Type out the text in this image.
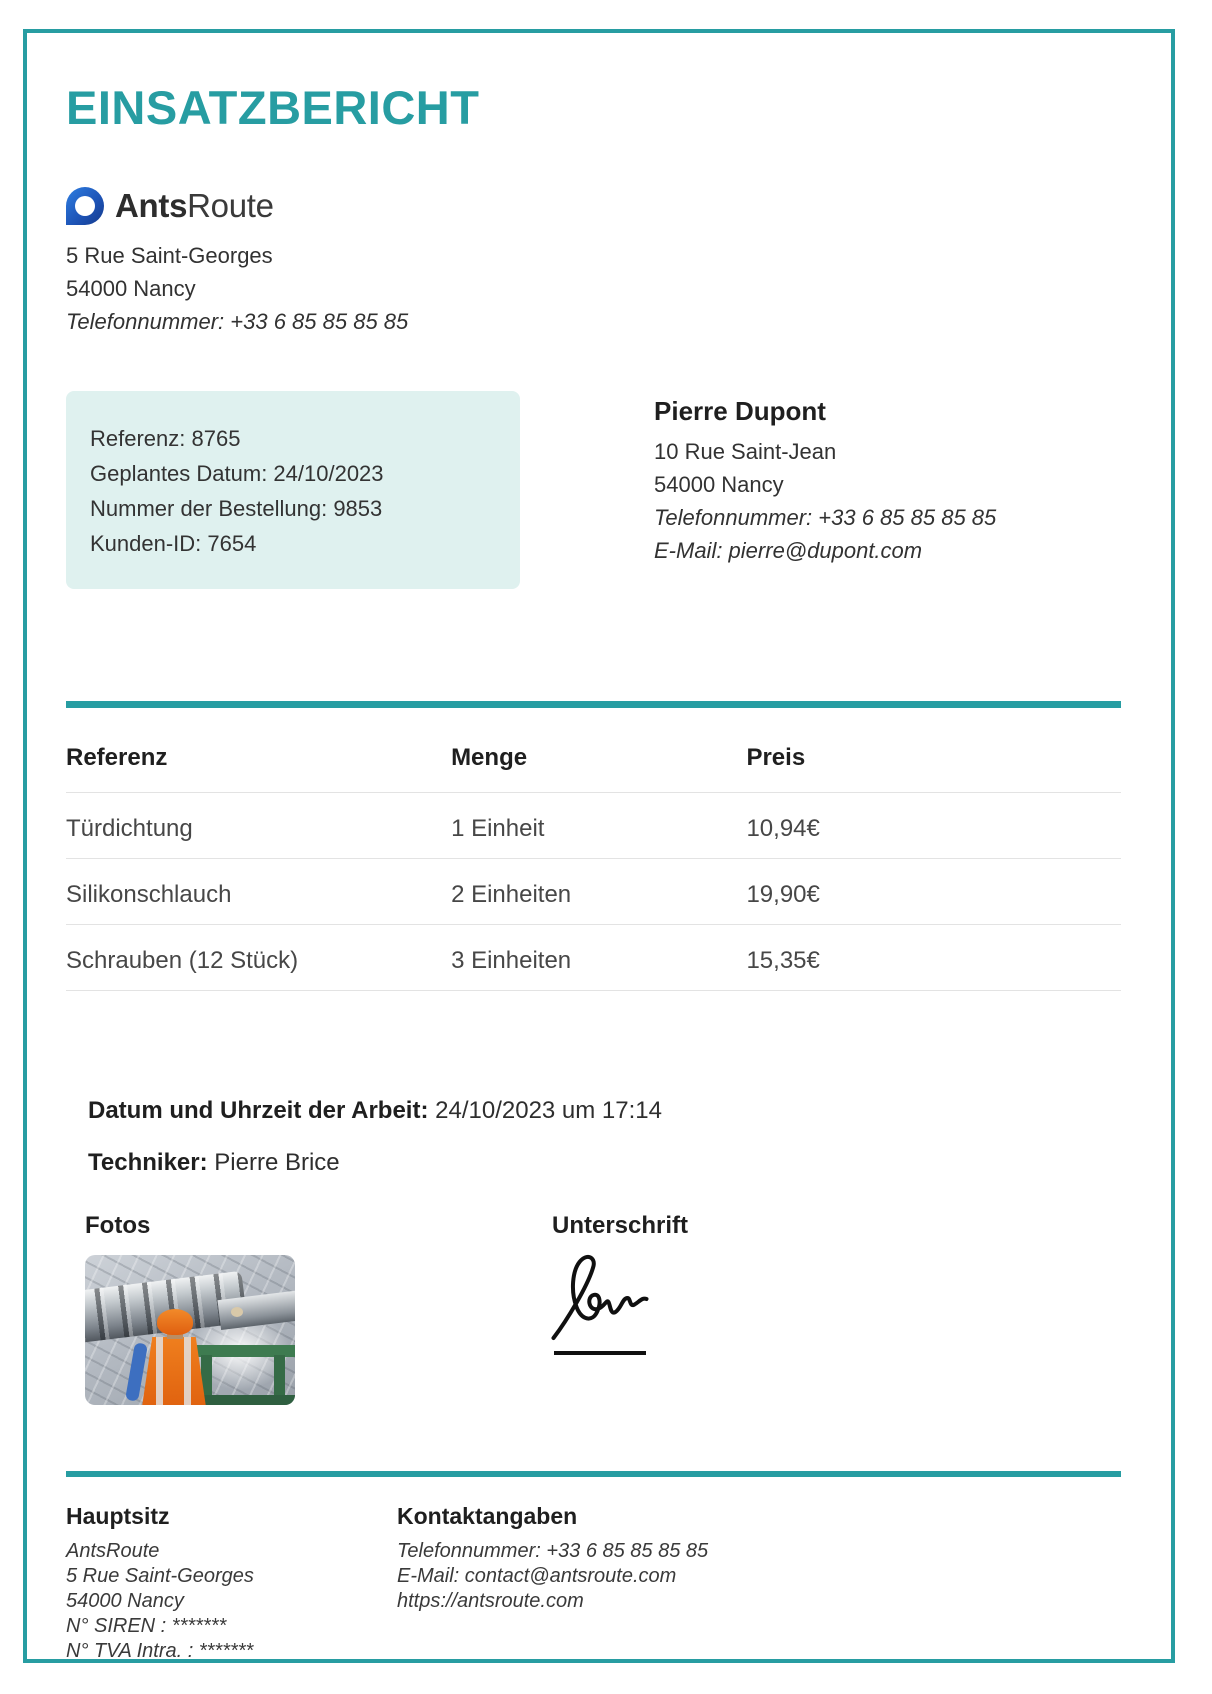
EINSATZBERICHT
AntsRoute
5 Rue Saint-Georges
54000 Nancy
Telefonnummer: +33 6 85 85 85 85
Referenz: 8765
Geplantes Datum: 24/10/2023
Nummer der Bestellung: 9853
Kunden-ID: 7654
Pierre Dupont
10 Rue Saint-Jean
54000 Nancy
Telefonnummer: +33 6 85 85 85 85
E-Mail: pierre@dupont.com
Referenz	Menge	Preis
Türdichtung	1 Einheit	10,94€
Silikonschlauch	2 Einheiten	19,90€
Schrauben (12 Stück)	3 Einheiten	15,35€
Datum und Uhrzeit der Arbeit: 24/10/2023 um 17:14
Techniker: Pierre Brice
Fotos	Unterschrift
Hauptsitz
AntsRoute
5 Rue Saint-Georges
54000 Nancy
N° SIREN : *******
N° TVA Intra. : *******
Kontaktangaben
Telefonnummer: +33 6 85 85 85 85
E-Mail: contact@antsroute.com
https://antsroute.com
